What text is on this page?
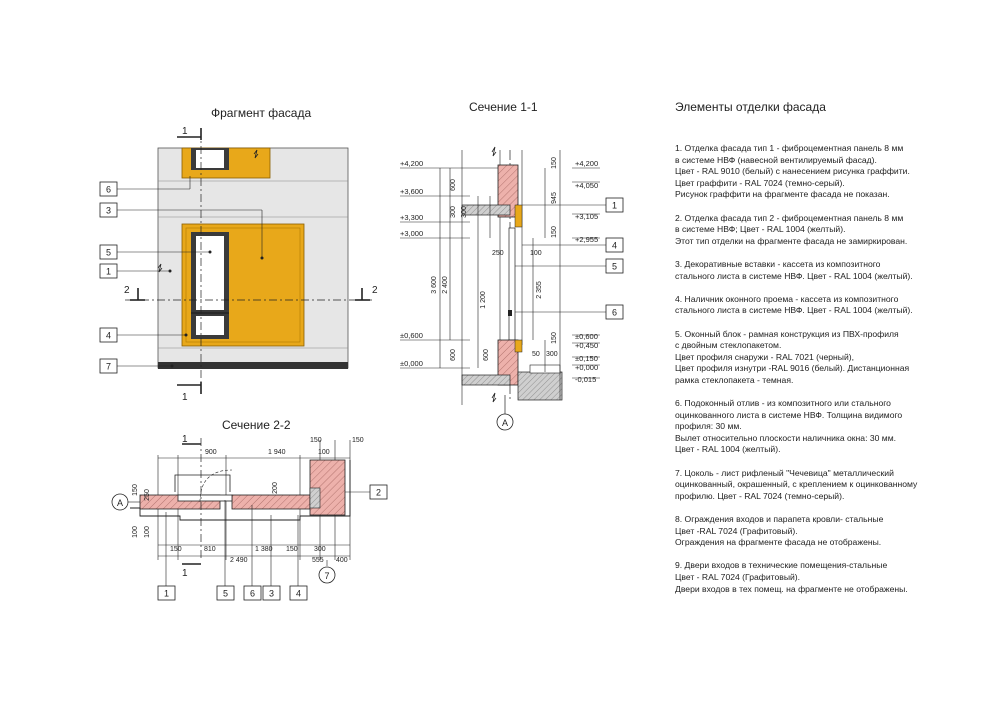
Фрагмент фасада	Сечение 1-1
Сечение 2-2
Элементы отделки фасада
6
3
5
1
4
7
1
1
2	2
A
+4,200
+3,600
+3,300
+3,000
±0,600
±0,000
+4,200
+4,050
+3,105
+2,955
±0,600
+0,450
±0,150
+0,000
-0,015
600
300 300
3 600 2 400
1 200
600	600
150
945
150
2 355
150
250	100
50 300
1
4
5
6
A
7
1
1
150	150
900	1 940	100
150	810	1 380 150
2 490
300
555 400
150 250
100 100
200
1	5 6 3 4
2
1. Отделка фасада тип 1 - фиброцементная панель 8 мм
в системе НВФ (навесной вентилируемый фасад).
Цвет - RAL 9010 (белый) с нанесением рисунка граффити.
Цвет граффити - RAL 7024 (темно-серый).
Рисунок граффити на фрагменте фасада не показан.
2. Отделка фасада тип 2 - фиброцементная панель 8 мм
в системе НВФ; Цвет - RAL 1004 (желтый).
Этот тип отделки на фрагменте фасада не замиркирован.
3. Декоративные вставки - кассета из композитного
стального листа в системе НВФ. Цвет - RAL 1004 (желтый).
4. Наличник оконного проема - кассета из композитного
стального листа в системе НВФ. Цвет - RAL 1004 (желтый).
5. Оконный блок - рамная конструкция из ПВХ-профиля
с двойным стеклопакетом.
Цвет профиля снаружи - RAL 7021 (черный),
Цвет профиля изнутри -RAL 9016 (белый). Дистанционная
рамка стеклопакета - темная.
6. Подоконный отлив - из композитного или стального
оцинкованного листа в системе НВФ. Толщина видимого
профиля: 30 мм.
Вылет относительно плоскости наличника окна: 30 мм.
Цвет - RAL 1004 (желтый).
7. Цоколь - лист рифленый "Чечевица" металлический
оцинкованный, окрашенный, с креплением к оцинкованному
профилю. Цвет - RAL 7024 (темно-серый).
8. Ограждения входов и парапета кровли- стальные
Цвет -RAL 7024 (Графитовый).
Ограждения на фрагменте фасада не отображены.
9. Двери входов в технические помещения-стальные
Цвет - RAL 7024 (Графитовый).
Двери входов в тех помещ. на фрагменте не отображены.
